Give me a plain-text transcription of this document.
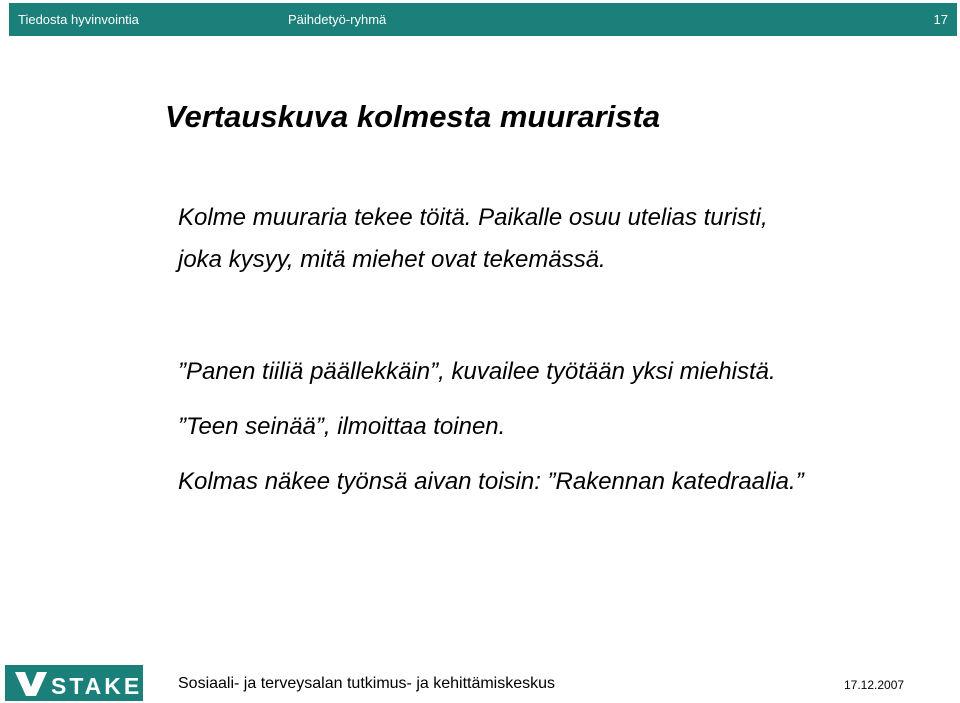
Tiedosta hyvinvointia	Päihdetyö-ryhmä	17
Vertauskuva kolmesta muurarista

Kolme muuraria tekee töitä. Paikalle osuu utelias turisti,

joka kysyy, mitä miehet ovat tekemässä.

”Panen tiiliä päällekkäin”, kuvailee työtään yksi miehistä.

”Teen seinää”, ilmoittaa toinen.

Kolmas näkee työnsä aivan toisin: ”Rakennan katedraalia.”

STAKES Sosiaali- ja terveysalan tutkimus- ja kehittämiskeskus	17.12.2007
